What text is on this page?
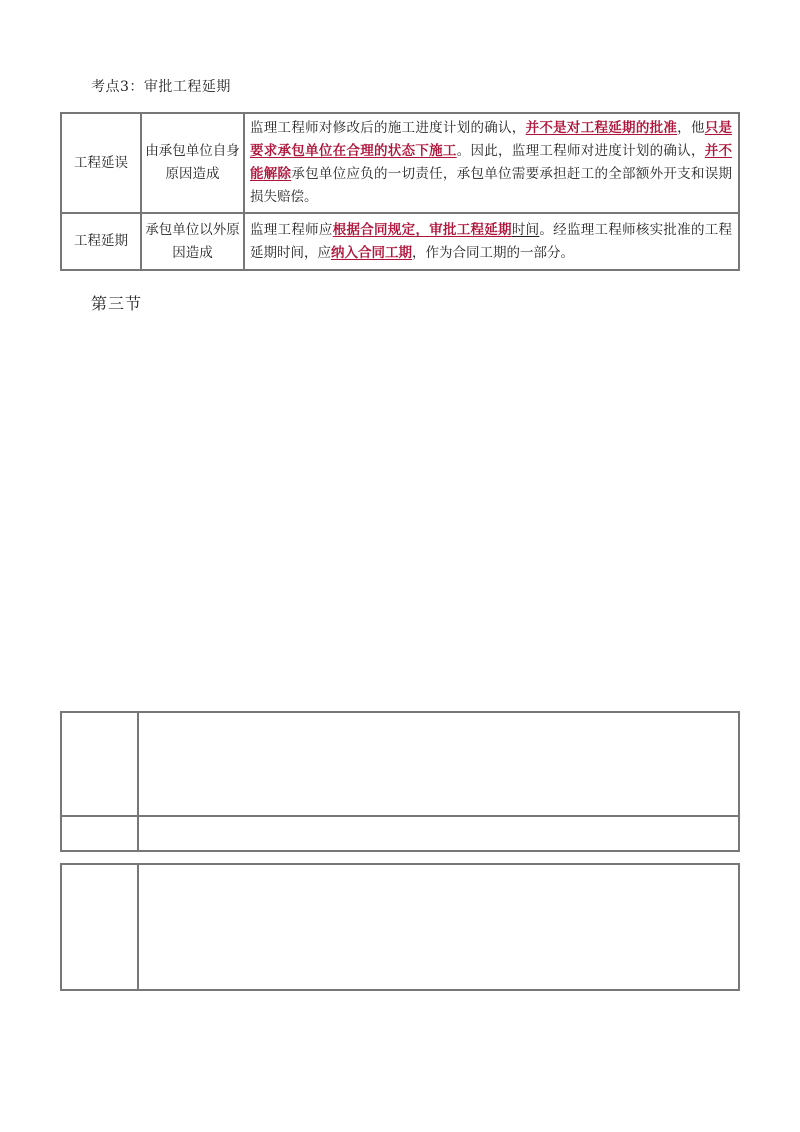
考点3：审批工程延期
工程延误	由承包单位自身原因造成	监理工程师对修改后的施工进度计划的确认，并不是对工程延期的批准，他只是要求承包单位在合理的状态下施工。因此，监理工程师对进度计划的确认，并不能解除承包单位应负的一切责任，承包单位需要承担赶工的全部额外开支和误期损失赔偿。
工程延期	承包单位以外原因造成	监理工程师应根据合同规定，审批工程延期时间。经监理工程师核实批准的工程延期时间，应纳入合同工期，作为合同工期的一部分。
第三节
